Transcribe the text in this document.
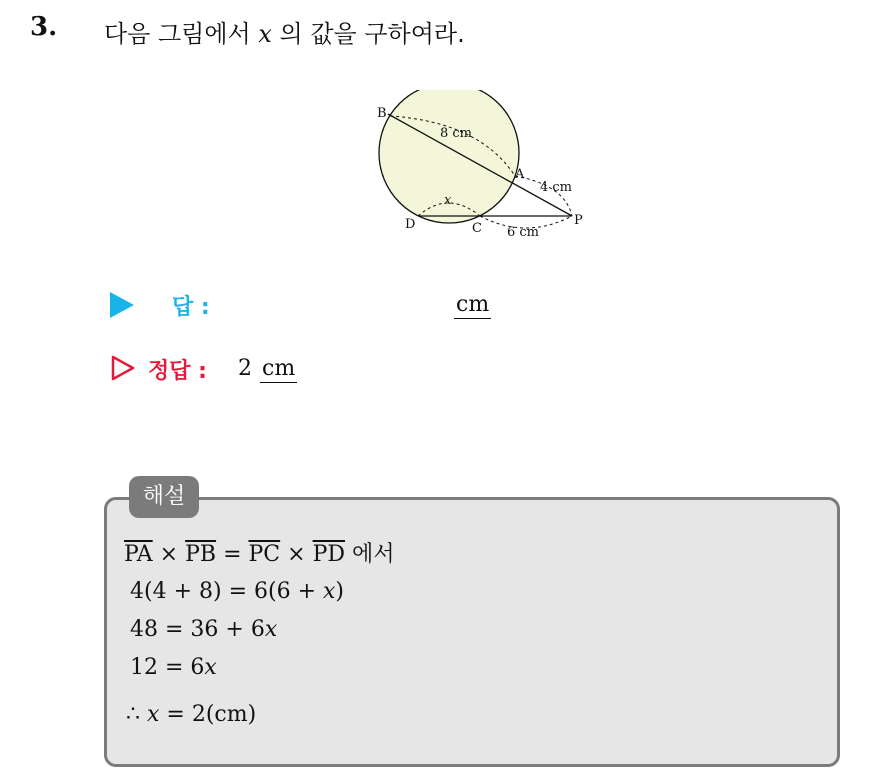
3. 다음 그림에서 x 의 값을 구하여라.
B
A
D	C
P
8 cm
4 cm
6 cm
x
답 :	cm
정답 : 2 cm
해설
$\overline{PA} \times \overline{PB} = \overline{PC} \times \overline{PD}$ 에서
4(4 + 8) = 6(6 + x)
48 = 36 + 6x
12 = 6x
∴ x = 2(cm)
